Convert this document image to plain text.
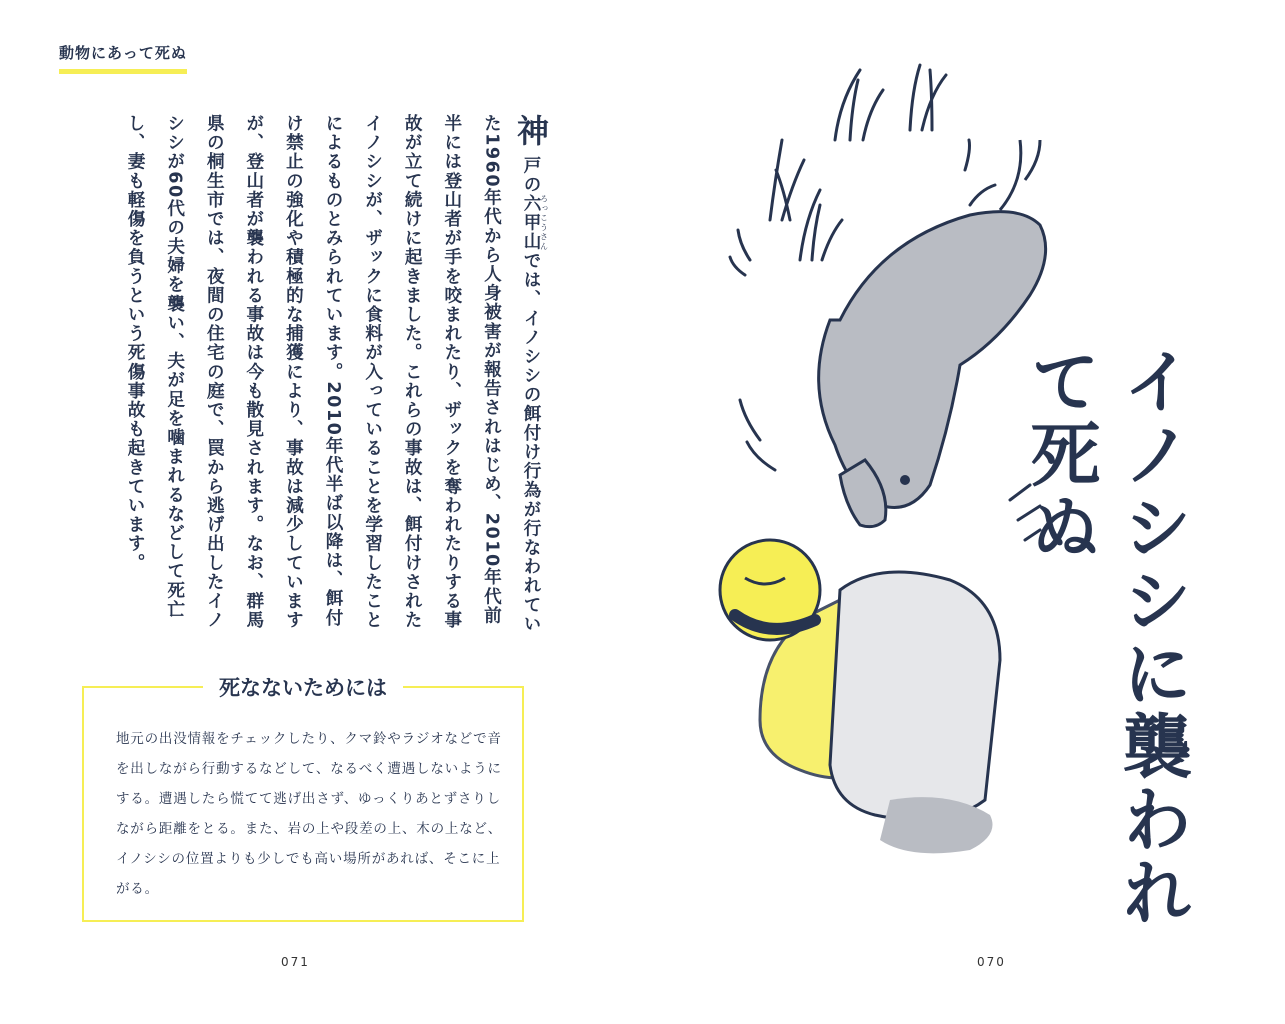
動物にあって死ぬ
神戸の六甲山ろっこうさんでは、イノシシの餌付け行為が行なわれていた1960年代から人身被害が報告されはじめ、2010年代前半には登山者が手を咬まれたり、ザックを奪われたりする事故が立て続けに起きました。これらの事故は、餌付けされたイノシシが、ザックに食料が入っていることを学習したことによるものとみられています。2010年代半ば以降は、餌付け禁止の強化や積極的な捕獲により、事故は減少していますが、登山者が襲われる事故は今も散見されます。なお、群馬県の桐生市では、夜間の住宅の庭で、罠から逃げ出したイノシシが60代の夫婦を襲い、夫が足を噛まれるなどして死亡し、妻も軽傷を負うという死傷事故も起きています。
死なないためには
地元の出没情報をチェックしたり、クマ鈴やラジオなどで音を出しながら行動するなどして、なるべく遭遇しないようにする。遭遇したら慌てて逃げ出さず、ゆっくりあとずさりしながら距離をとる。また、岩の上や段差の上、木の上など、イノシシの位置よりも少しでも高い場所があれば、そこに上がる。
071	070
イノシシに襲われて死ぬ
